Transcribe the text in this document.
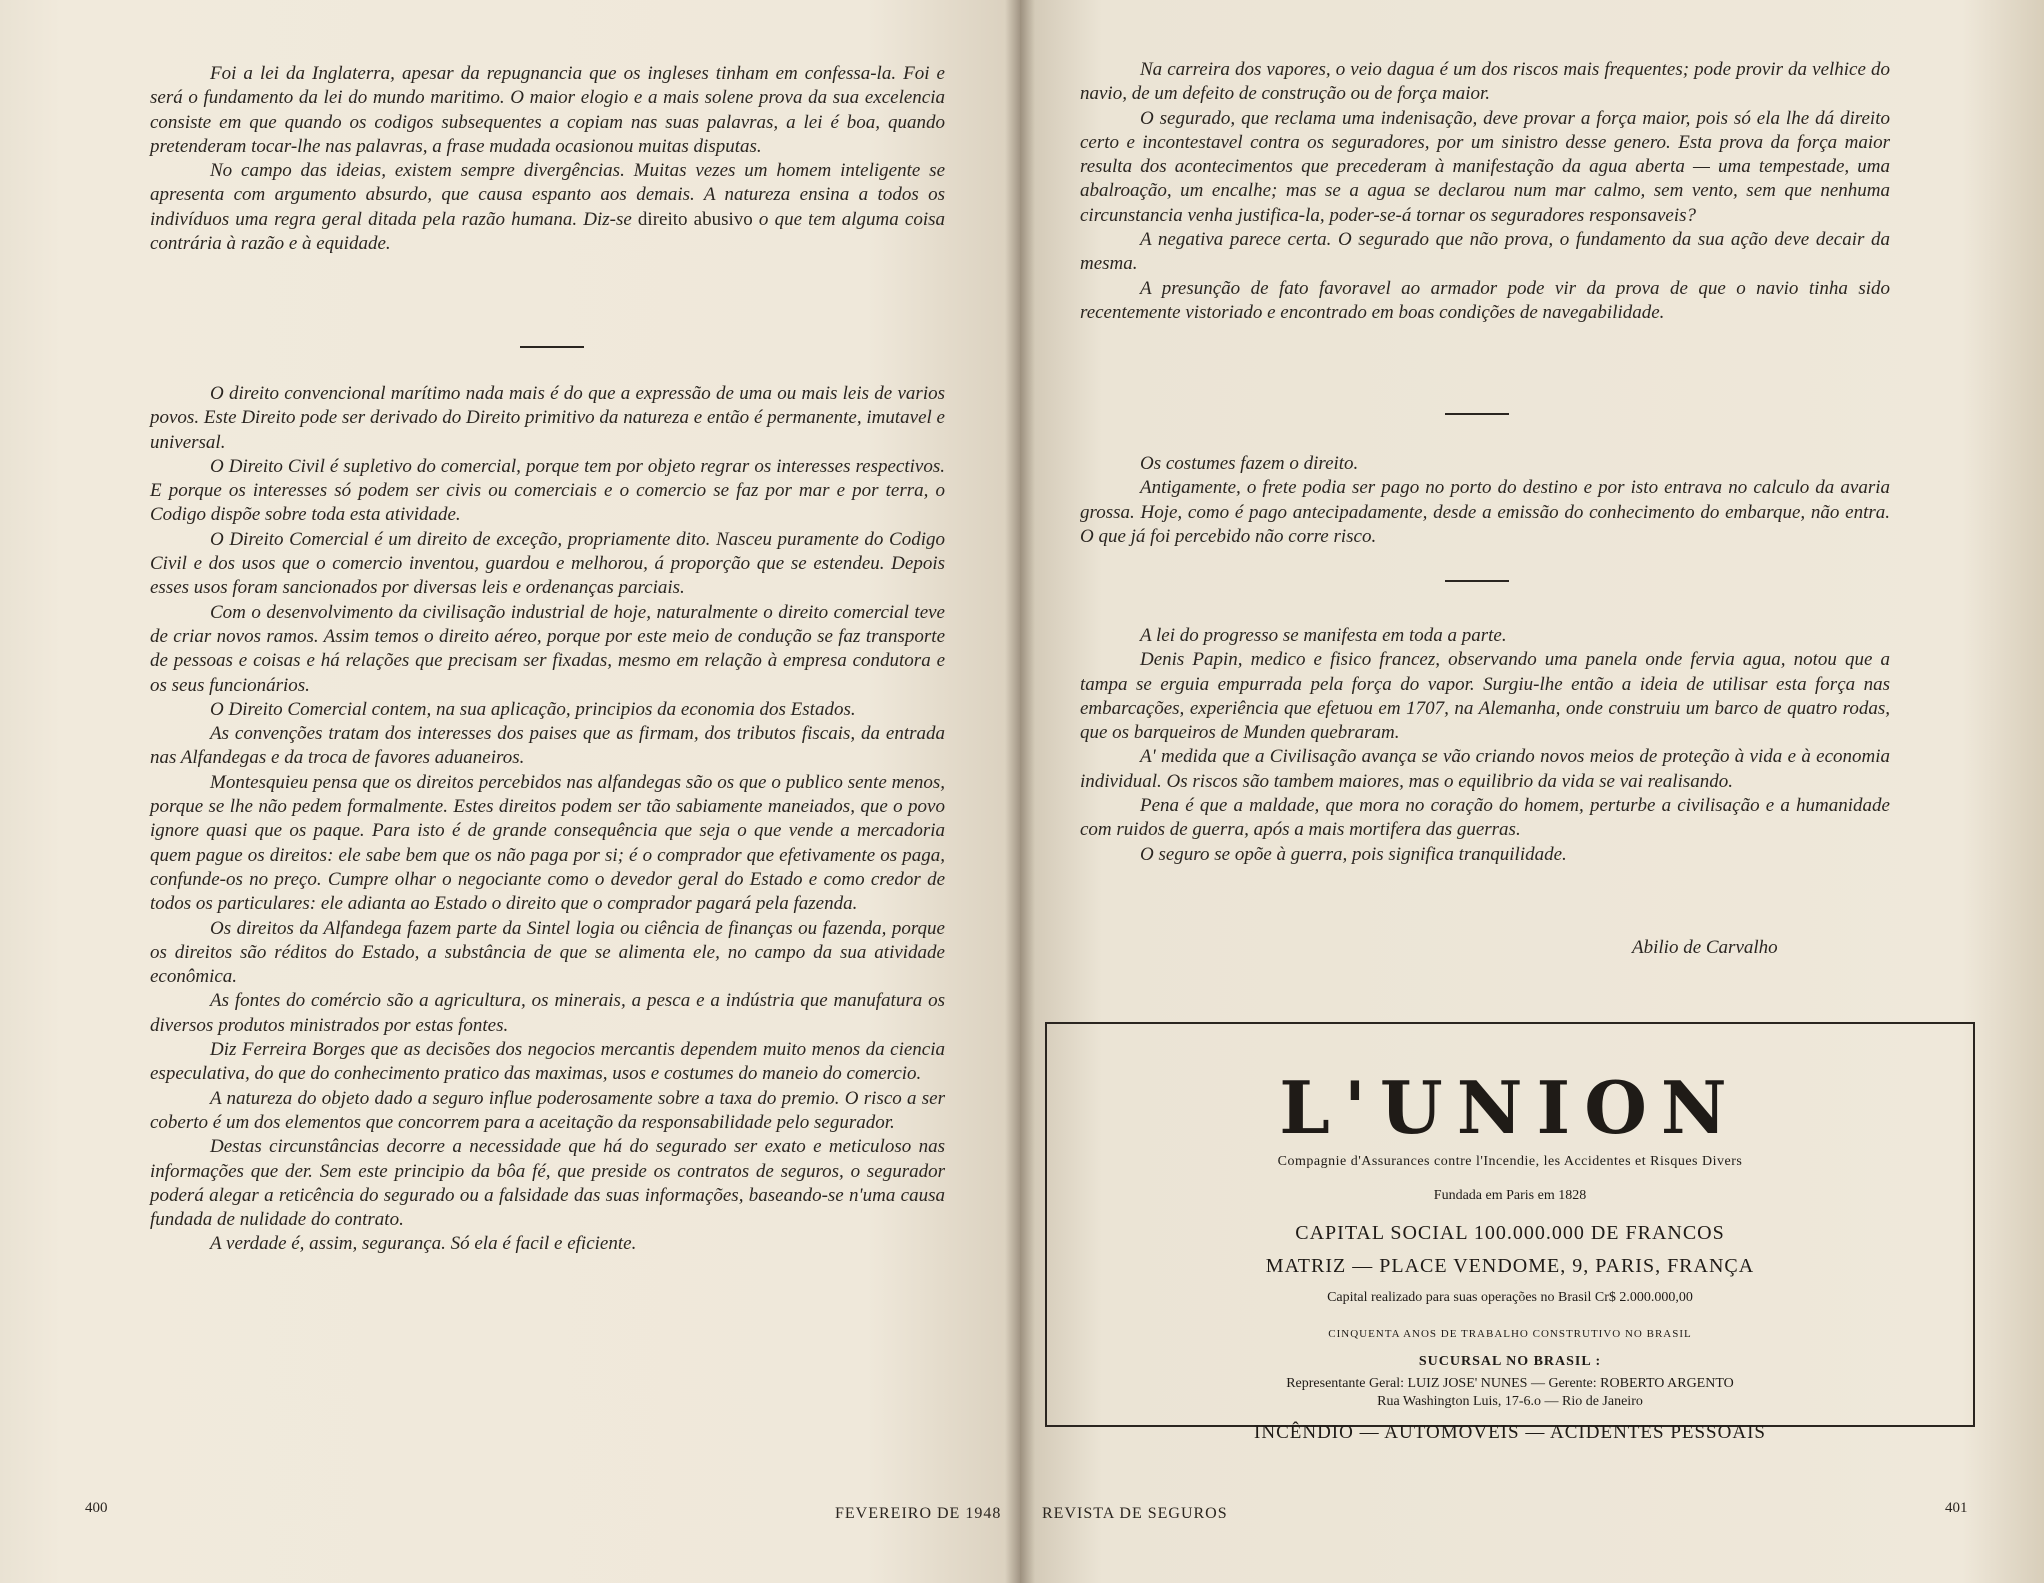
Foi a lei da Inglaterra, apesar da repugnancia que os ingleses tinham em confessa-la. Foi e será o fundamento da lei do mundo maritimo. O maior elogio e a mais solene prova da sua excelencia consiste em que quando os codigos subsequentes a copiam nas suas palavras, a lei é boa, quando pretenderam tocar-lhe nas palavras, a frase mudada ocasionou muitas disputas.

No campo das ideias, existem sempre divergências. Muitas vezes um homem inteligente se apresenta com argumento absurdo, que causa espanto aos demais. A natureza ensina a todos os indivíduos uma regra geral ditada pela razão humana. Diz-se direito abusivo o que tem alguma coisa contrária à razão e à equidade.

O direito convencional marítimo nada mais é do que a expressão de uma ou mais leis de varios povos. Este Direito pode ser derivado do Direito primitivo da natureza e então é permanente, imutavel e universal.

O Direito Civil é supletivo do comercial, porque tem por objeto regrar os interesses respectivos. E porque os interesses só podem ser civis ou comerciais e o comercio se faz por mar e por terra, o Codigo dispõe sobre toda esta atividade.

O Direito Comercial é um direito de exceção, propriamente dito. Nasceu puramente do Codigo Civil e dos usos que o comercio inventou, guardou e melhorou, á proporção que se estendeu. Depois esses usos foram sancionados por diversas leis e ordenanças parciais.

Com o desenvolvimento da civilisação industrial de hoje, naturalmente o direito comercial teve de criar novos ramos. Assim temos o direito aéreo, porque por este meio de condução se faz transporte de pessoas e coisas e há relações que precisam ser fixadas, mesmo em relação à empresa condutora e os seus funcionários.

O Direito Comercial contem, na sua aplicação, principios da economia dos Estados.

As convenções tratam dos interesses dos paises que as firmam, dos tributos fiscais, da entrada nas Alfandegas e da troca de favores aduaneiros.

Montesquieu pensa que os direitos percebidos nas alfandegas são os que o publico sente menos, porque se lhe não pedem formalmente. Estes direitos podem ser tão sabiamente maneiados, que o povo ignore quasi que os paque. Para isto é de grande consequência que seja o que vende a mercadoria quem pague os direitos: ele sabe bem que os não paga por si; é o comprador que efetivamente os paga, confunde-os no preço. Cumpre olhar o negociante como o devedor geral do Estado e como credor de todos os particulares: ele adianta ao Estado o direito que o comprador pagará pela fazenda.

Os direitos da Alfandega fazem parte da Sintel logia ou ciência de finanças ou fazenda, porque os direitos são réditos do Estado, a substância de que se alimenta ele, no campo da sua atividade econômica.

As fontes do comércio são a agricultura, os minerais, a pesca e a indústria que manufatura os diversos produtos ministrados por estas fontes.

Diz Ferreira Borges que as decisões dos negocios mercantis dependem muito menos da ciencia especulativa, do que do conhecimento pratico das maximas, usos e costumes do maneio do comercio.

A natureza do objeto dado a seguro influe poderosamente sobre a taxa do premio. O risco a ser coberto é um dos elementos que concorrem para a aceitação da responsabilidade pelo segurador.

Destas circunstâncias decorre a necessidade que há do segurado ser exato e meticuloso nas informações que der. Sem este principio da bôa fé, que preside os contratos de seguros, o segurador poderá alegar a reticência do segurado ou a falsidade das suas informações, baseando-se n'uma causa fundada de nulidade do contrato.

A verdade é, assim, segurança. Só ela é facil e eficiente.

400	FEVEREIRO DE 1948

Na carreira dos vapores, o veio dagua é um dos riscos mais frequentes; pode provir da velhice do navio, de um defeito de construção ou de força maior.

O segurado, que reclama uma indenisação, deve provar a força maior, pois só ela lhe dá direito certo e incontestavel contra os seguradores, por um sinistro desse genero. Esta prova da força maior resulta dos acontecimentos que precederam à manifestação da agua aberta — uma tempestade, uma abalroação, um encalhe; mas se a agua se declarou num mar calmo, sem vento, sem que nenhuma circunstancia venha justifica-la, poder-se-á tornar os seguradores responsaveis?

A negativa parece certa. O segurado que não prova, o fundamento da sua ação deve decair da mesma.

A presunção de fato favoravel ao armador pode vir da prova de que o navio tinha sido recentemente vistoriado e encontrado em boas condições de navegabilidade.

Os costumes fazem o direito.

Antigamente, o frete podia ser pago no porto do destino e por isto entrava no calculo da avaria grossa. Hoje, como é pago antecipadamente, desde a emissão do conhecimento do embarque, não entra. O que já foi percebido não corre risco.

A lei do progresso se manifesta em toda a parte.

Denis Papin, medico e fisico francez, observando uma panela onde fervia agua, notou que a tampa se erguia empurrada pela força do vapor. Surgiu-lhe então a ideia de utilisar esta força nas embarcações, experiência que efetuou em 1707, na Alemanha, onde construiu um barco de quatro rodas, que os barqueiros de Munden quebraram.

A' medida que a Civilisação avança se vão criando novos meios de proteção à vida e à economia individual. Os riscos são tambem maiores, mas o equilibrio da vida se vai realisando.

Pena é que a maldade, que mora no coração do homem, perturbe a civilisação e a humanidade com ruidos de guerra, após a mais mortifera das guerras.

O seguro se opõe à guerra, pois significa tranquilidade.

Abilio de Carvalho
L'UNION
Compagnie d'Assurances contre l'Incendie, les Accidentes et Risques Divers
Fundada em Paris em 1828
CAPITAL SOCIAL 100.000.000 DE FRANCOS
MATRIZ — PLACE VENDOME, 9, PARIS, FRANÇA
Capital realizado para suas operações no Brasil Cr$ 2.000.000,00
CINQUENTA ANOS DE TRABALHO CONSTRUTIVO NO BRASIL
SUCURSAL NO BRASIL :
Representante Geral: LUIZ JOSE' NUNES — Gerente: ROBERTO ARGENTO
Rua Washington Luis, 17-6.o — Rio de Janeiro
INCÊNDIO — AUTOMOVEIS — ACIDENTES PESSOAIS
REVISTA DE SEGUROS	401
